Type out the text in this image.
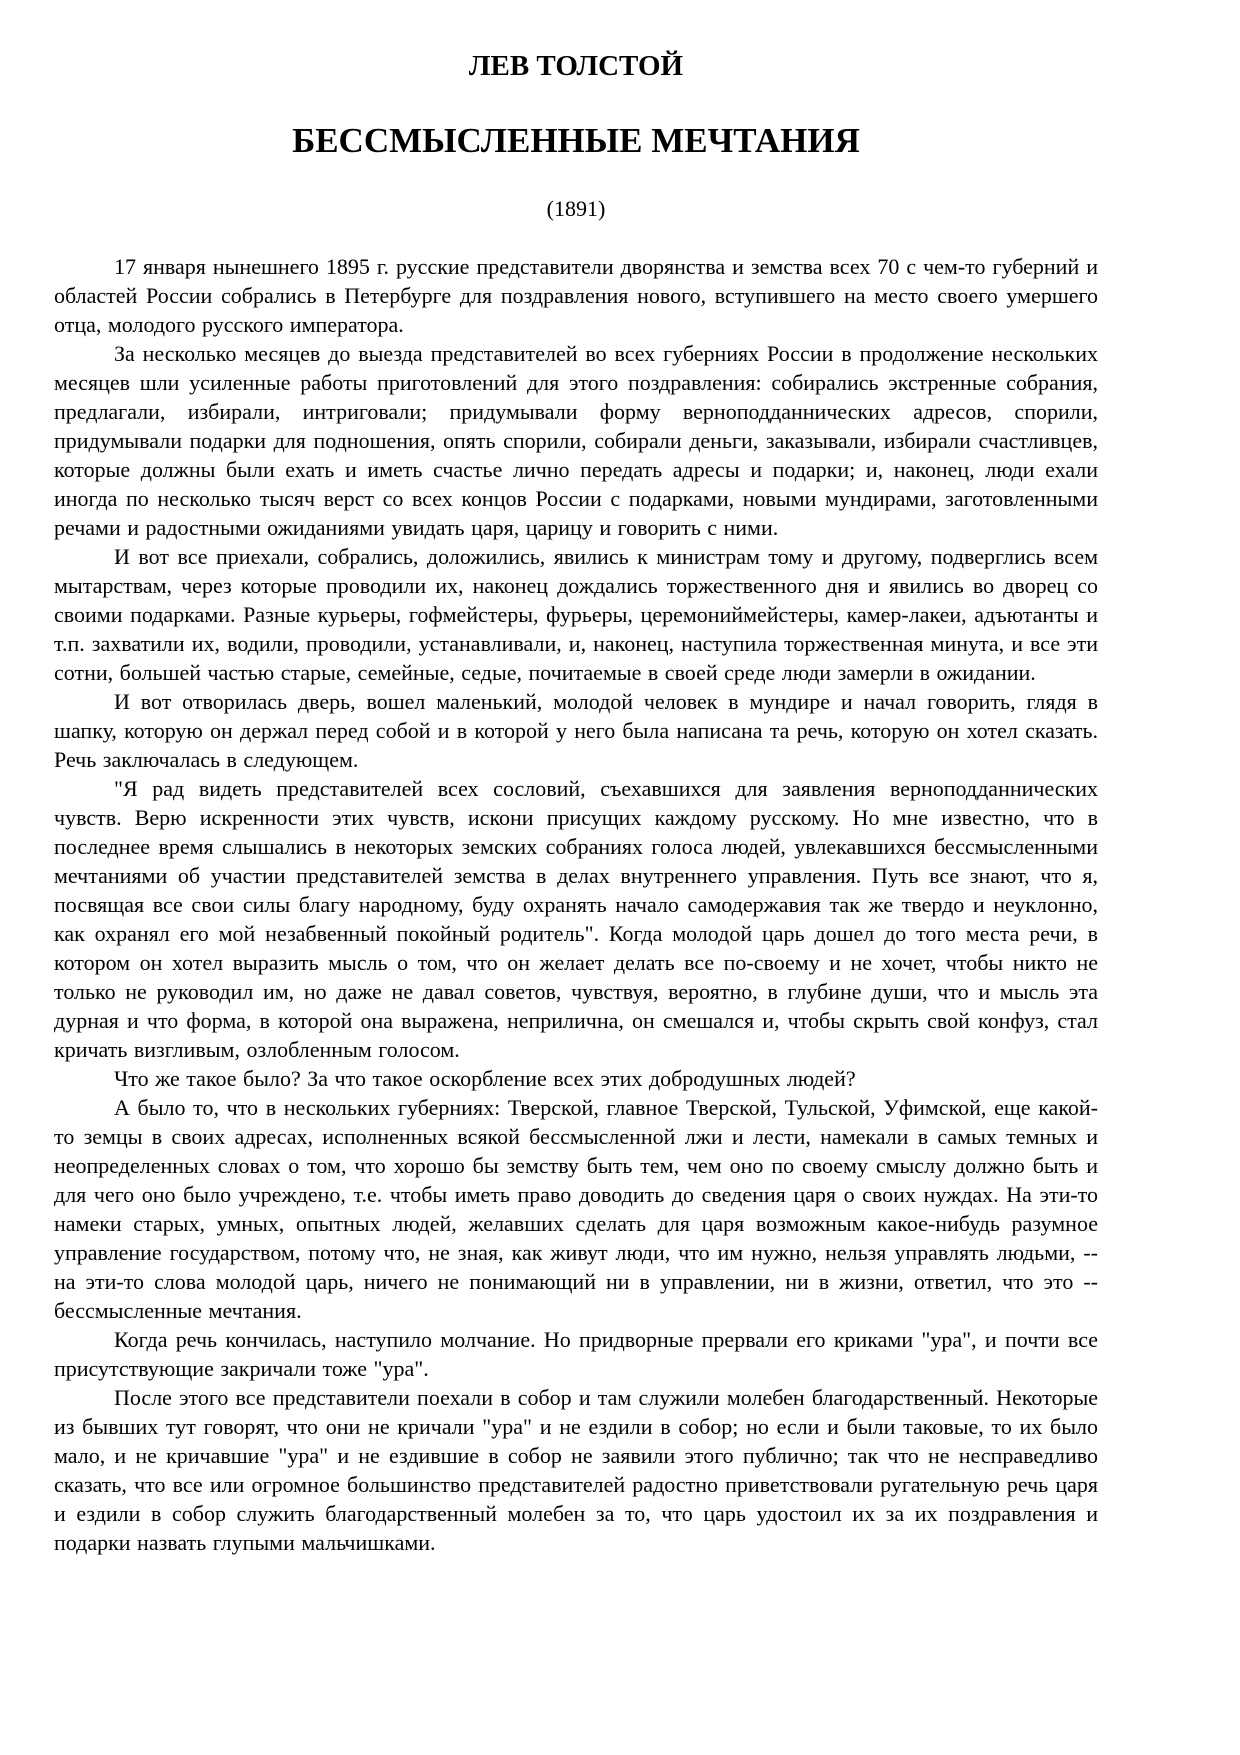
ЛЕВ ТОЛСТОЙ
БЕССМЫСЛЕННЫЕ МЕЧТАНИЯ
(1891)

17 января нынешнего 1895 г. русские представители дворянства и земства всех 70 с чем-то губерний и областей России собрались в Петербурге для поздравления нового, вступившего на место своего умершего отца, молодого русского императора.

За несколько месяцев до выезда представителей во всех губерниях России в продолжение нескольких месяцев шли усиленные работы приготовлений для этого поздравления: собирались экстренные собрания, предлагали, избирали, интриговали; придумывали форму верноподданнических адресов, спорили, придумывали подарки для подношения, опять спорили, собирали деньги, заказывали, избирали счастливцев, которые должны были ехать и иметь счастье лично передать адресы и подарки; и, наконец, люди ехали иногда по несколько тысяч верст со всех концов России с подарками, новыми мундирами, заготовленными речами и радостными ожиданиями увидать царя, царицу и говорить с ними.

И вот все приехали, собрались, доложились, явились к министрам тому и другому, подверглись всем мытарствам, через которые проводили их, наконец дождались торжественного дня и явились во дворец со своими подарками. Разные курьеры, гофмейстеры, фурьеры, церемониймейстеры, камер-лакеи, адъютанты и т.п. захватили их, водили, проводили, устанавливали, и, наконец, наступила торжественная минута, и все эти сотни, большей частью старые, семейные, седые, почитаемые в своей среде люди замерли в ожидании.

И вот отворилась дверь, вошел маленький, молодой человек в мундире и начал говорить, глядя в шапку, которую он держал перед собой и в которой у него была написана та речь, которую он хотел сказать. Речь заключалась в следующем.

"Я рад видеть представителей всех сословий, съехавшихся для заявления верноподданнических чувств. Верю искренности этих чувств, искони присущих каждому русскому. Но мне известно, что в последнее время слышались в некоторых земских собраниях голоса людей, увлекавшихся бессмысленными мечтаниями об участии представителей земства в делах внутреннего управления. Путь все знают, что я, посвящая все свои силы благу народному, буду охранять начало самодержавия так же твердо и неуклонно, как охранял его мой незабвенный покойный родитель". Когда молодой царь дошел до того места речи, в котором он хотел выразить мысль о том, что он желает делать все по-своему и не хочет, чтобы никто не только не руководил им, но даже не давал советов, чувствуя, вероятно, в глубине души, что и мысль эта дурная и что форма, в которой она выражена, неприлична, он смешался и, чтобы скрыть свой конфуз, стал кричать визгливым, озлобленным голосом.

Что же такое было? За что такое оскорбление всех этих добродушных людей?

А было то, что в нескольких губерниях: Тверской, главное Тверской, Тульской, Уфимской, еще какой-то земцы в своих адресах, исполненных всякой бессмысленной лжи и лести, намекали в самых темных и неопределенных словах о том, что хорошо бы земству быть тем, чем оно по своему смыслу должно быть и для чего оно было учреждено, т.е. чтобы иметь право доводить до сведения царя о своих нуждах. На эти-то намеки старых, умных, опытных людей, желавших сделать для царя возможным какое-нибудь разумное управление государством, потому что, не зная, как живут люди, что им нужно, нельзя управлять людьми, -- на эти-то слова молодой царь, ничего не понимающий ни в управлении, ни в жизни, ответил, что это -- бессмысленные мечтания.

Когда речь кончилась, наступило молчание. Но придворные прервали его криками "ура", и почти все присутствующие закричали тоже "ура".

После этого все представители поехали в собор и там служили молебен благодарственный. Некоторые из бывших тут говорят, что они не кричали "ура" и не ездили в собор; но если и были таковые, то их было мало, и не кричавшие "ура" и не ездившие в собор не заявили этого публично; так что не несправедливо сказать, что все или огромное большинство представителей радостно приветствовали ругательную речь царя и ездили в собор служить благодарственный молебен за то, что царь удостоил их за их поздравления и подарки назвать глупыми мальчишками.
